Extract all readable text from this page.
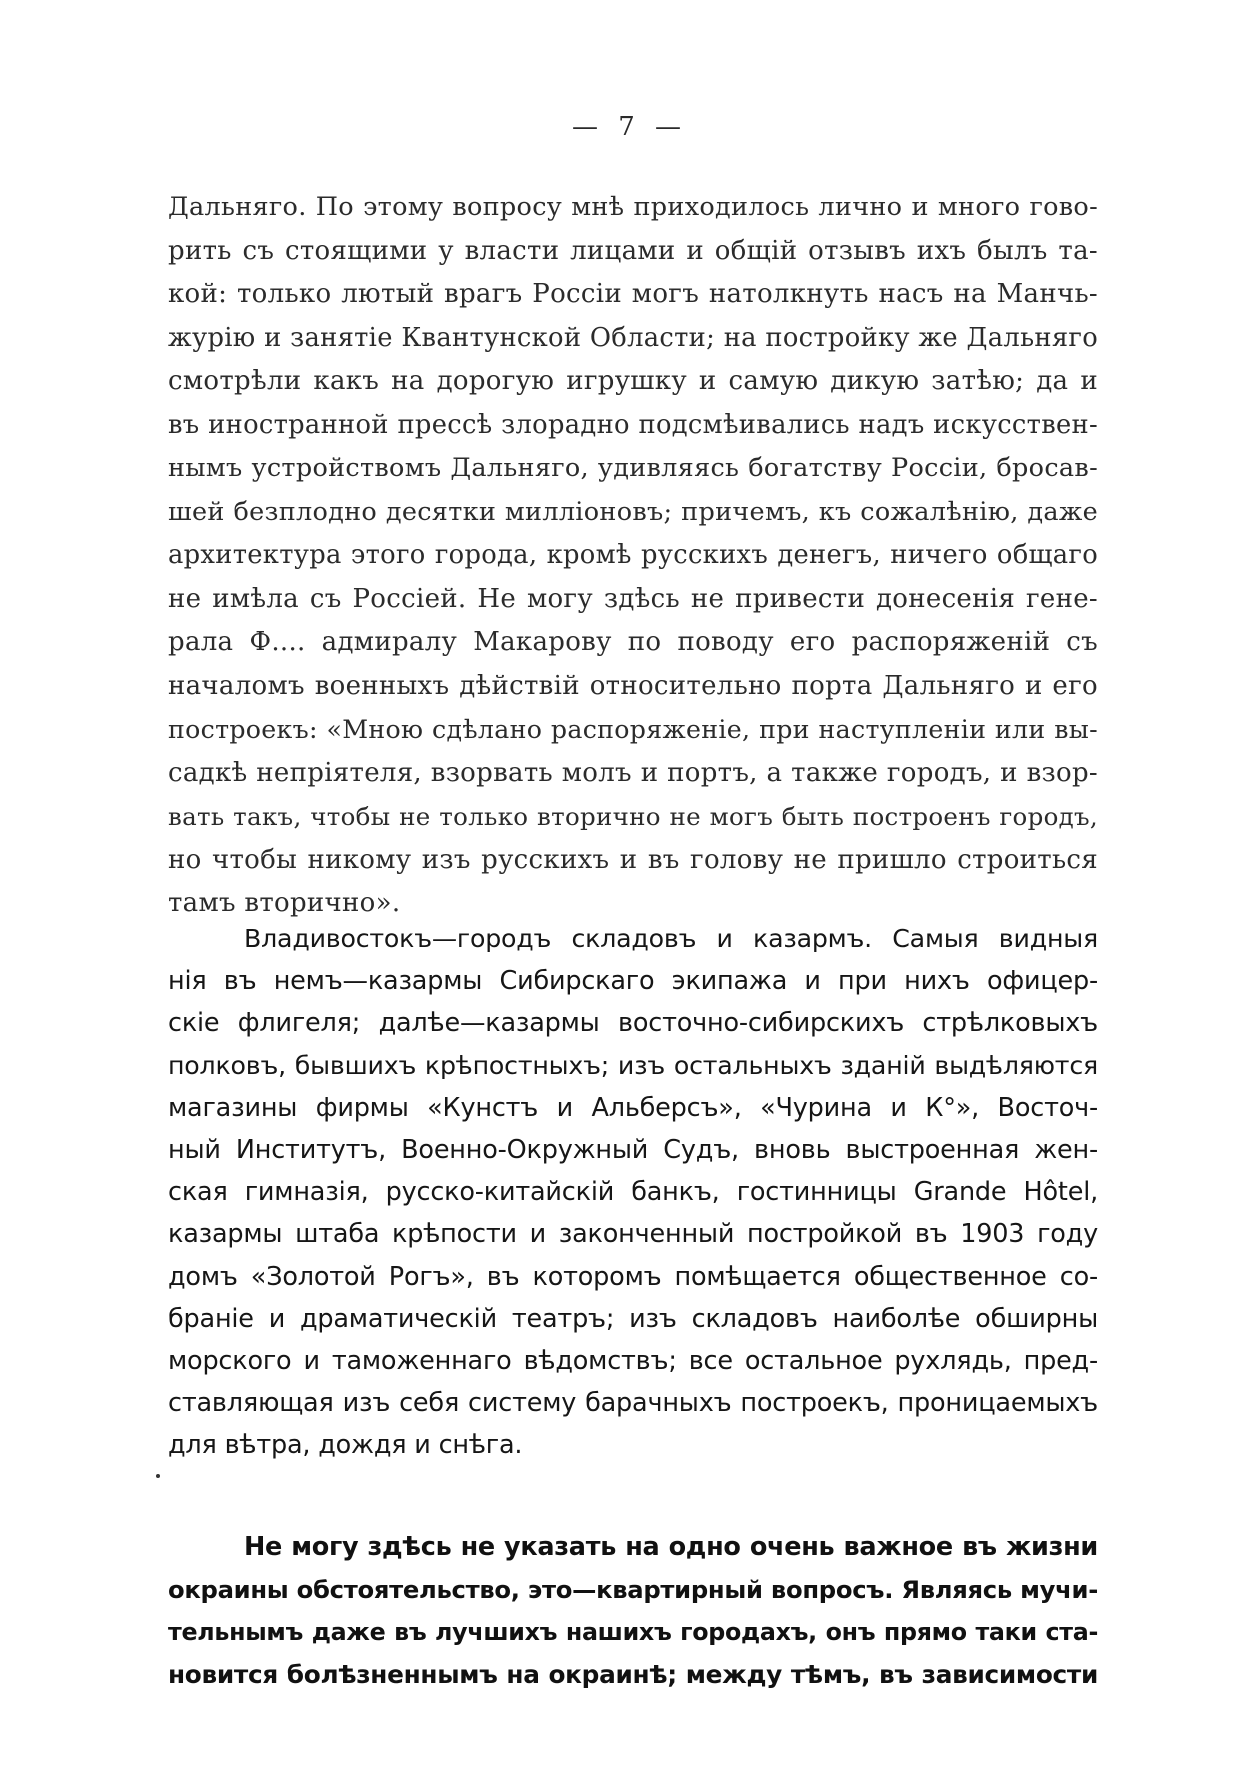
— 7 —
Дальняго. По этому вопросу мнѣ приходилось лично и много гово-
рить съ стоящими у власти лицами и общій отзывъ ихъ былъ та-
кой: только лютый врагъ Россіи могъ натолкнуть насъ на Манчь-
журію и занятіе Квантунской Области; на постройку же Дальняго
смотрѣли какъ на дорогую игрушку и самую дикую затѣю; да и
въ иностранной прессѣ злорадно подсмѣивались надъ искусствен-
нымъ устройствомъ Дальняго, удивляясь богатству Россіи, бросав-
шей безплодно десятки милліоновъ; причемъ, къ сожалѣнію, даже
архитектура этого города, кромѣ русскихъ денегъ, ничего общаго
не имѣла съ Россіей. Не могу здѣсь не привести донесенія гене-
рала Ф.... адмиралу Макарову по поводу его распоряженій съ
началомъ военныхъ дѣйствій относительно порта Дальняго и его
построекъ: «Мною сдѣлано распоряженіе, при наступленіи или вы-
садкѣ непріятеля, взорвать молъ и портъ, а также городъ, и взор-
вать такъ, чтобы не только вторично не могъ быть построенъ городъ,
но чтобы никому изъ русскихъ и въ голову не пришло строиться
тамъ вторично».
Владивостокъ—городъ складовъ и казармъ. Самыя видныя
нія въ немъ—казармы Сибирскаго экипажа и при нихъ офицер-
скіе флигеля; далѣе—казармы восточно-сибирскихъ стрѣлковыхъ
полковъ, бывшихъ крѣпостныхъ; изъ остальныхъ зданій выдѣляются
магазины фирмы «Кунстъ и Альберсъ», «Чурина и К°», Восточ-
ный Институтъ, Военно-Окружный Судъ, вновь выстроенная жен-
ская гимназія, русско-китайскій банкъ, гостинницы Grande Hôtel,
казармы штаба крѣпости и законченный постройкой въ 1903 году
домъ «Золотой Рогъ», въ которомъ помѣщается общественное со-
браніе и драматическій театръ; изъ складовъ наиболѣе обширны
морского и таможеннаго вѣдомствъ; все остальное рухлядь, пред-
ставляющая изъ себя систему барачныхъ построекъ, проницаемыхъ
для вѣтра, дождя и снѣга.
Не могу здѣсь не указать на одно очень важное въ жизни
окраины обстоятельство, это—квартирный вопросъ. Являясь мучи-
тельнымъ даже въ лучшихъ нашихъ городахъ, онъ прямо таки ста-
новится болѣзненнымъ на окраинѣ; между тѣмъ, въ зависимости
